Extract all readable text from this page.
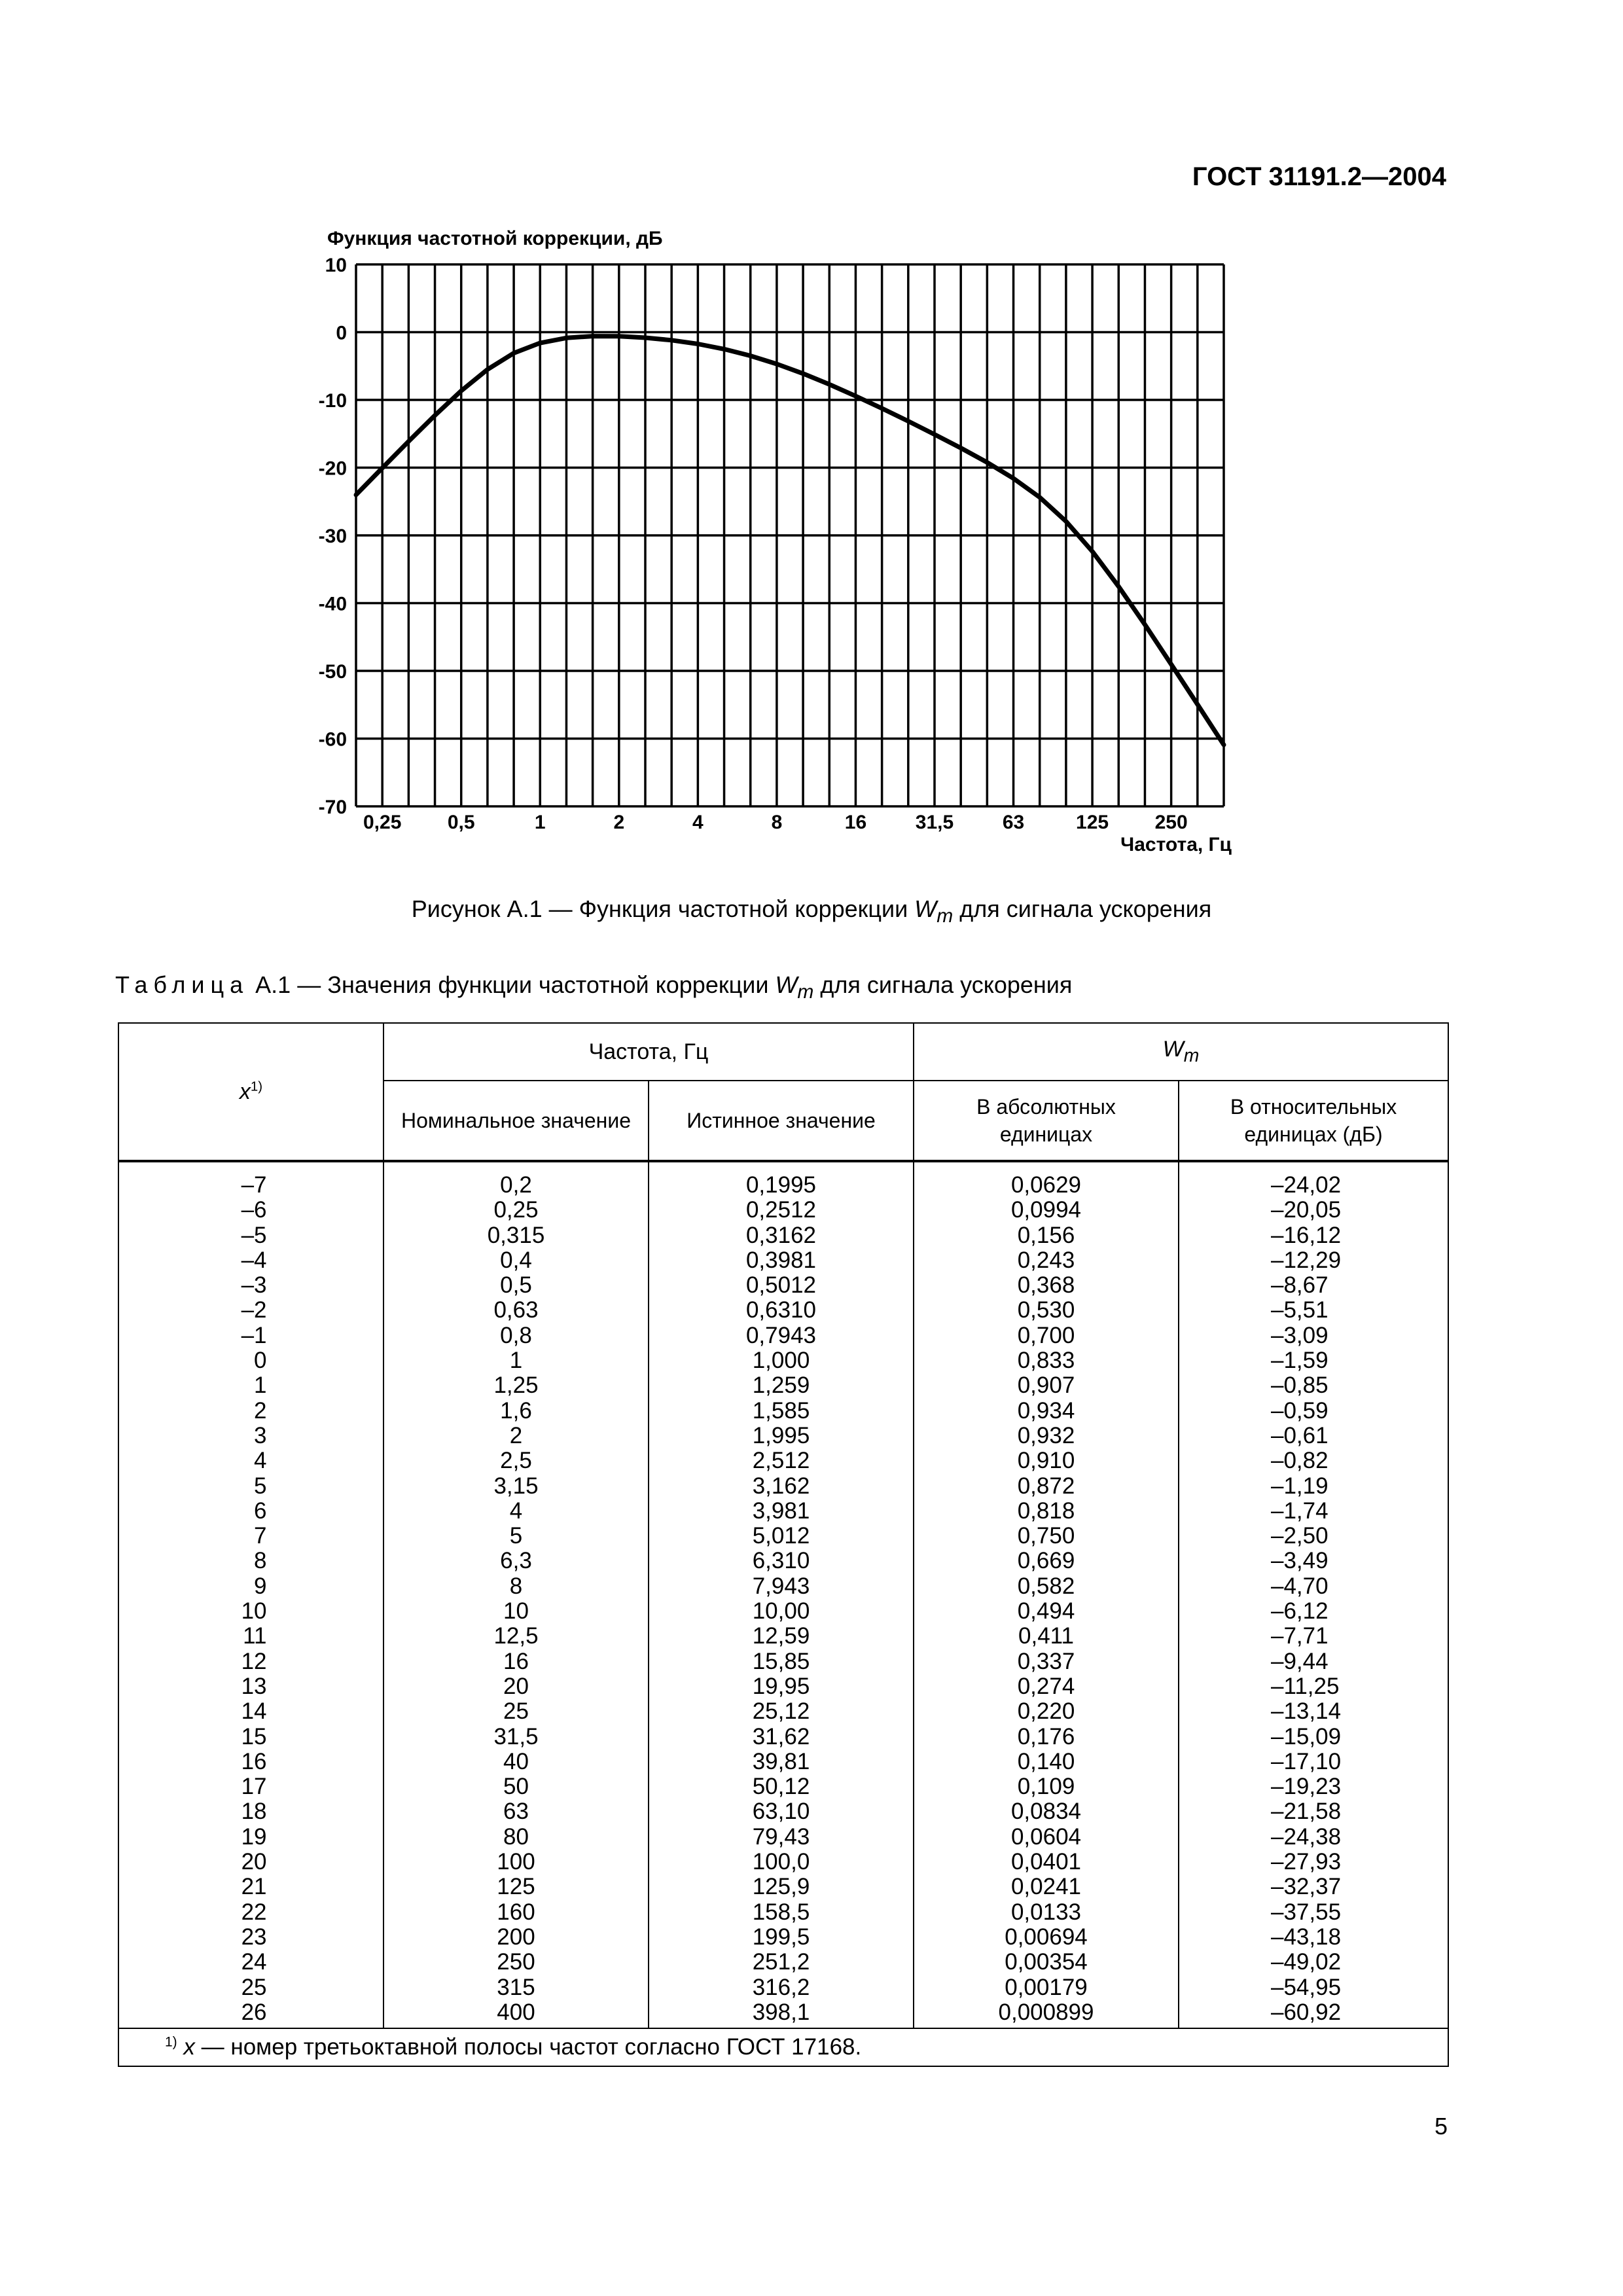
ГОСТ 31191.2—2004
Функция частотной коррекции, дБ
10
0
-10
-20
-30
-40
-50
-60
-70
0,25 0,5	1	2	4	8	16 31,5 63	125 250
Частота, Гц
Рисунок А.1 — Функция частотной коррекции $W_m$ для сигнала ускорения
Таблица А.1 — Значения функции частотной коррекции $W_m$ для сигнала ускорения
$x^{1)}$	Частота, Гц		$W_m$
	Номинальное значение	Истинное значение	В абсолютных единицах	В относительных единицах (дБ)

–7	0,2	0,1995	0,0629	–24,02
–6	0,25	0,2512	0,0994	–20,05
–5	0,315	0,3162	0,156	–16,12
–4	0,4	0,3981	0,243	–12,29
–3	0,5	0,5012	0,368	–8,67
–2	0,63	0,6310	0,530	–5,51
–1	0,8	0,7943	0,700	–3,09
0	1	1,000	0,833	–1,59
1	1,25	1,259	0,907	–0,85
2	1,6	1,585	0,934	–0,59
3	2	1,995	0,932	–0,61
4	2,5	2,512	0,910	–0,82
5	3,15	3,162	0,872	–1,19
6	4	3,981	0,818	–1,74
7	5	5,012	0,750	–2,50
8	6,3	6,310	0,669	–3,49
9	8	7,943	0,582	–4,70
10	10	10,00	0,494	–6,12
11	12,5	12,59	0,411	–7,71
12	16	15,85	0,337	–9,44
13	20	19,95	0,274	–11,25
14	25	25,12	0,220	–13,14
15	31,5	31,62	0,176	–15,09
16	40	39,81	0,140	–17,10
17	50	50,12	0,109	–19,23
18	63	63,10	0,0834	–21,58
19	80	79,43	0,0604	–24,38
20	100	100,0	0,0401	–27,93
21	125	125,9	0,0241	–32,37
22	160	158,5	0,0133	–37,55
23	200	199,5	0,00694	–43,18
24	250	251,2	0,00354	–49,02
25	315	316,2	0,00179	–54,95
26	400	398,1	0,000899	–60,92
$^{1)}$ x — номер третьоктавной полосы частот согласно ГОСТ 17168.				
5
